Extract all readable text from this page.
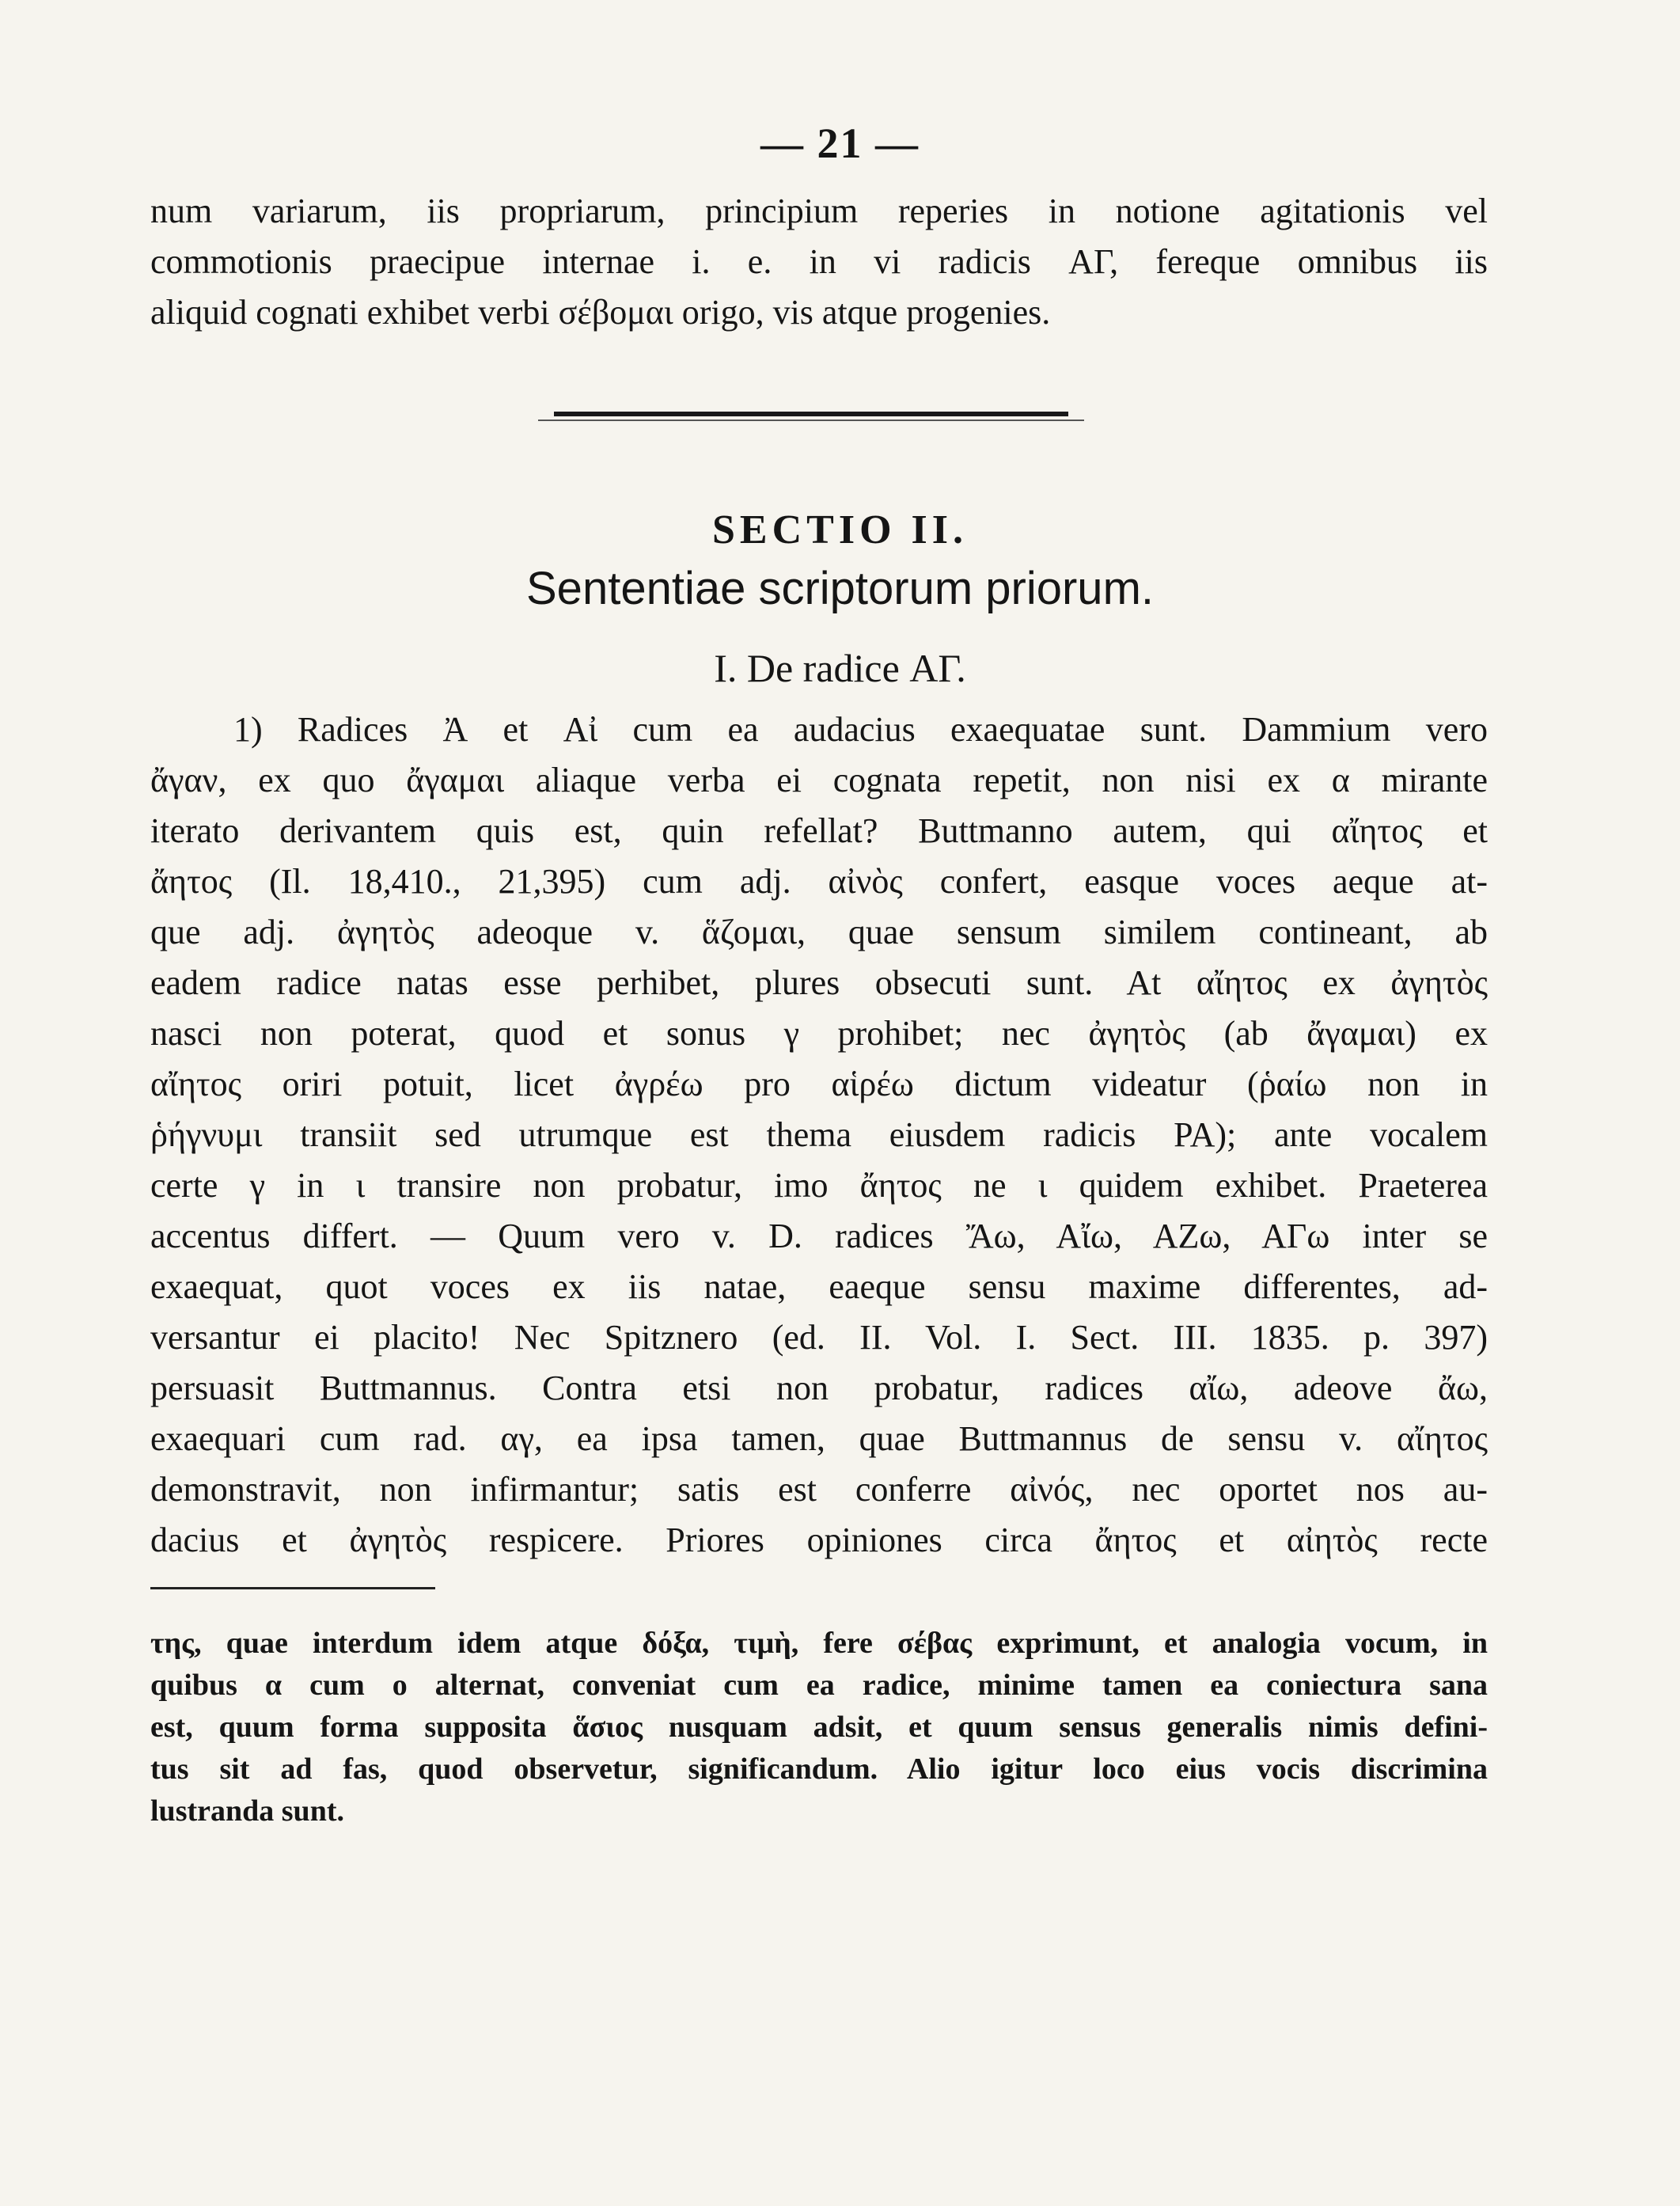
— 21 —
num variarum, iis propriarum, principium reperies in notione agitationis vel
commotionis praecipue internae i. e. in vi radicis ΑΓ, fereque omnibus iis
aliquid cognati exhibet verbi σέβομαι origo, vis atque progenies.
SECTIO II.
Sententiae scriptorum priorum.
I. De radice ΑΓ.
1) Radices Ἀ et Αἰ cum ea audacius exaequatae sunt. Dammium vero
ἄγαν, ex quo ἄγαμαι aliaque verba ei cognata repetit, non nisi ex α mirante
iterato derivantem quis est, quin refellat? Buttmanno autem, qui αἴητος et
ἄητος (Il. 18,410., 21,395) cum adj. αἰνὸς confert, easque voces aeque at-
que adj. ἀγητὸς adeoque v. ἅζομαι, quae sensum similem contineant, ab
eadem radice natas esse perhibet, plures obsecuti sunt. At αἴητος ex ἀγητὸς
nasci non poterat, quod et sonus γ prohibet; nec ἀγητὸς (ab ἄγαμαι) ex
αἴητος oriri potuit, licet ἀγρέω pro αἱρέω dictum videatur (ῥαίω non in
ῥήγνυμι transiit sed utrumque est thema eiusdem radicis ΡΑ); ante vocalem
certe γ in ι transire non probatur, imo ἄητος ne ι quidem exhibet. Praeterea
accentus differt. — Quum vero v. D. radices Ἄω, Αἴω, ΑΖω, ΑΓω inter se
exaequat, quot voces ex iis natae, eaeque sensu maxime differentes, ad-
versantur ei placito! Nec Spitznero (ed. II. Vol. I. Sect. III. 1835. p. 397)
persuasit Buttmannus. Contra etsi non probatur, radices αἴω, adeove ἄω,
exaequari cum rad. αγ, ea ipsa tamen, quae Buttmannus de sensu v. αἴητος
demonstravit, non infirmantur; satis est conferre αἰνός, nec oportet nos au-
dacius et ἀγητὸς respicere. Priores opiniones circa ἄητος et αἰητὸς recte
της, quae interdum idem atque δόξα, τιμὴ, fere σέβας exprimunt, et analogia vocum, in
quibus α cum ο alternat, conveniat cum ea radice, minime tamen ea coniectura sana
est, quum forma supposita ἅσιος nusquam adsit, et quum sensus generalis nimis defini-
tus sit ad fas, quod observetur, significandum. Alio igitur loco eius vocis discrimina
lustranda sunt.
